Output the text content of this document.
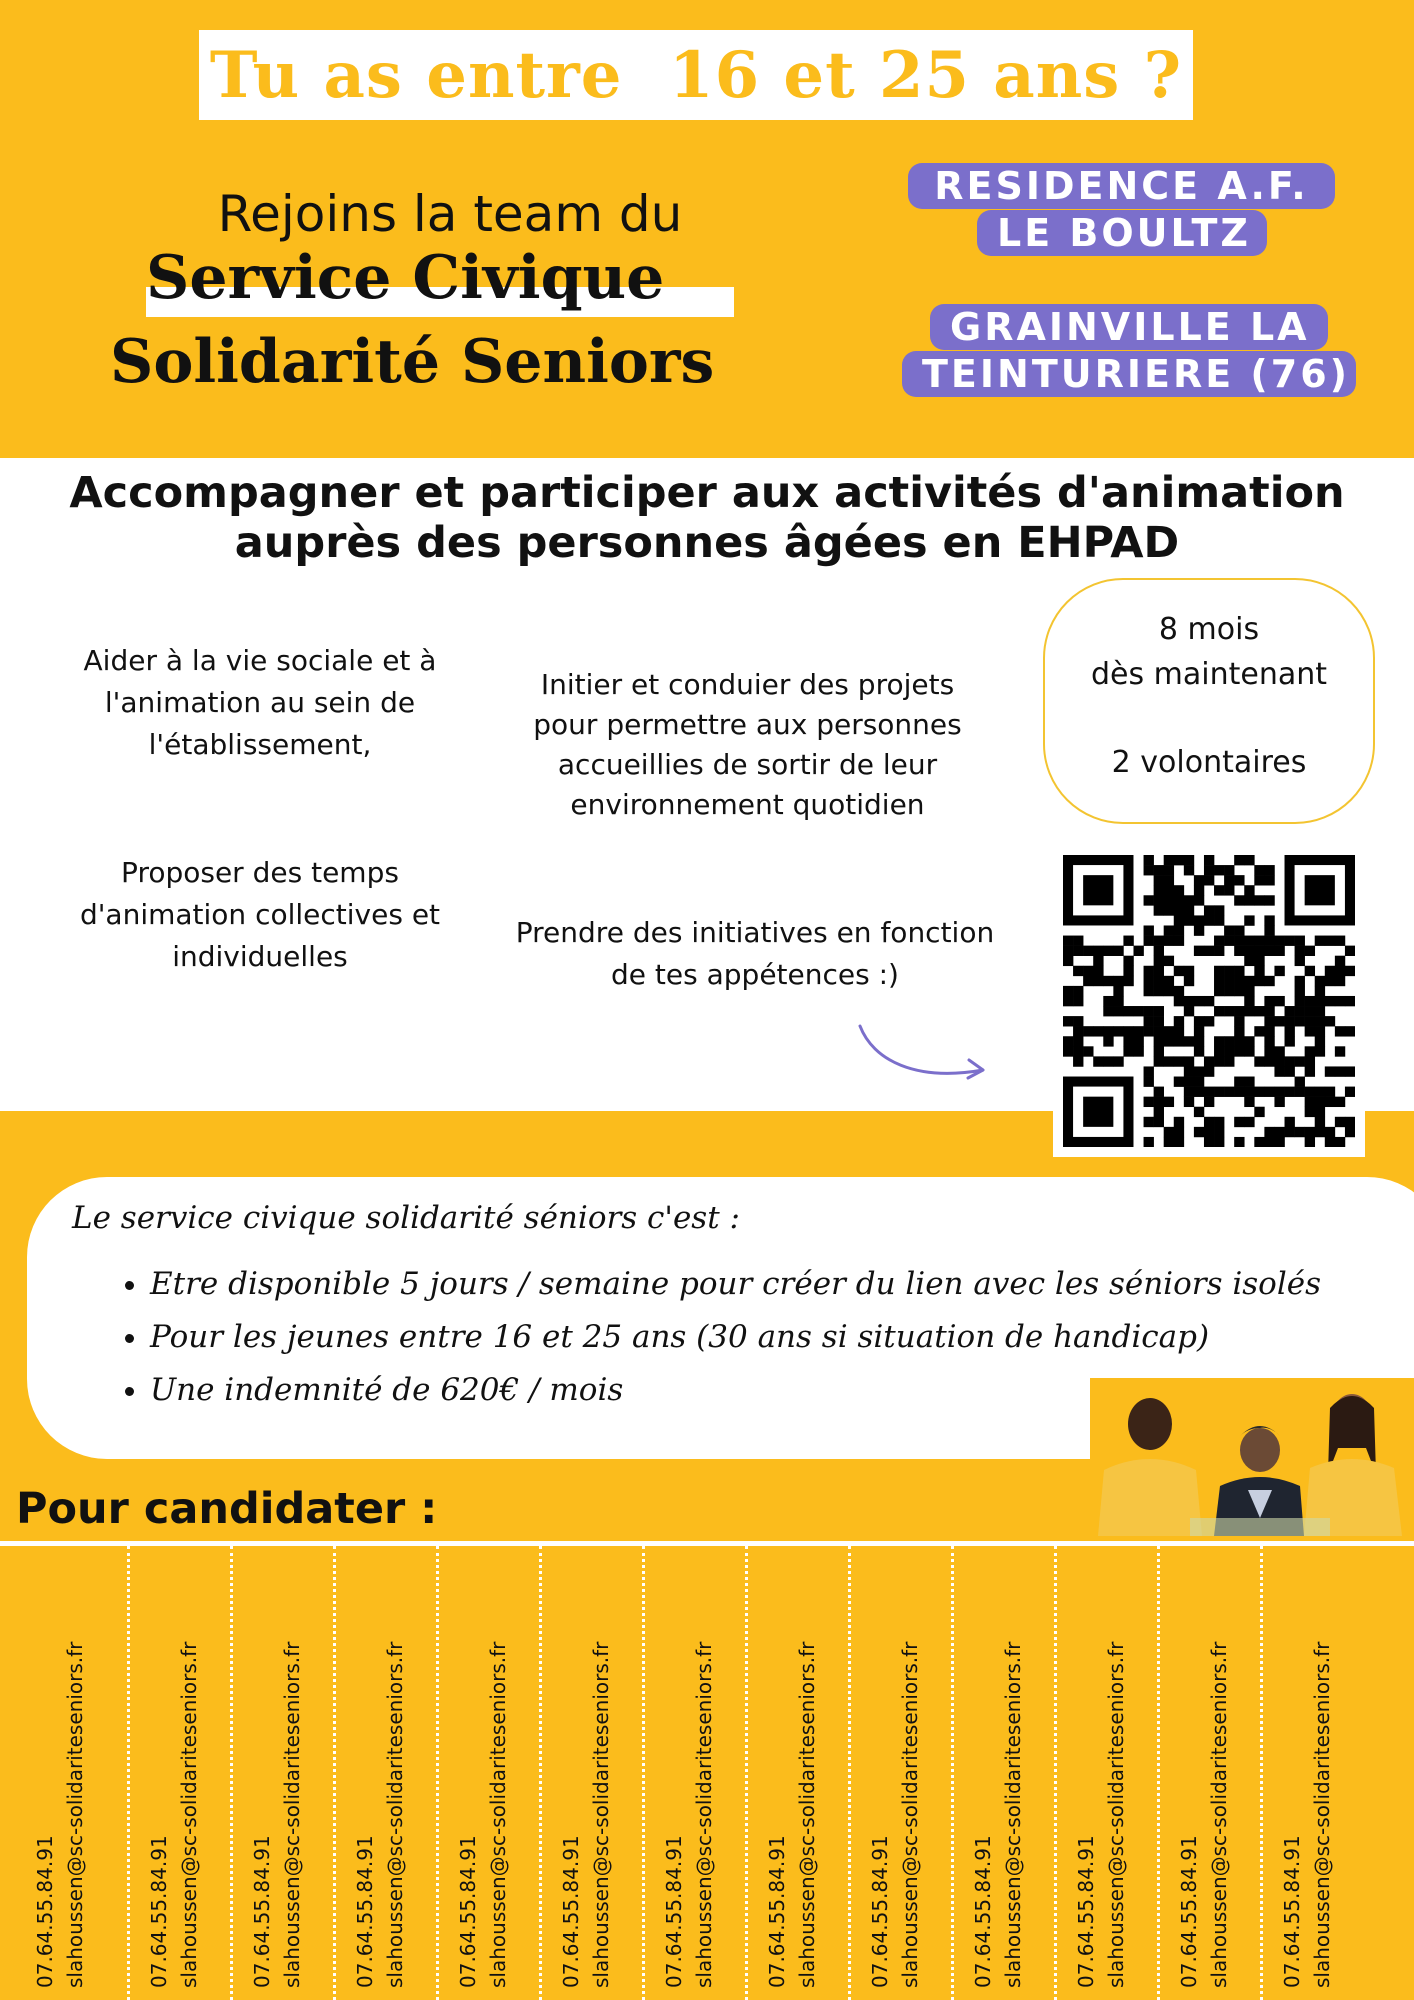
Tu as entre  16 et 25 ans ?
Rejoins la team du
Service Civique
Solidarité Seniors
RESIDENCE A.F.
LE BOULTZ
GRAINVILLE LA
TEINTURIERE (76)
Accompagner et participer aux activités d'animation
auprès des personnes âgées en EHPAD
Aider à la vie sociale et à l'animation au sein de l'établissement,
Initier et conduier des projets pour permettre aux personnes accueillies de sortir de leur environnement quotidien
Proposer des temps d'animation collectives et individuelles
Prendre des initiatives en fonction de tes appétences :)
8 mois
dès maintenant
2 volontaires
Le service civique solidarité séniors c'est :
• Etre disponible 5 jours / semaine pour créer du lien avec les séniors isolés
• Pour les jeunes entre 16 et 25 ans (30 ans si situation de handicap)
• Une indemnité de 620€ / mois
Pour candidater :
07.64.55.84.91 slahoussen@sc-solidariteseniors.fr	07.64.55.84.91 slahoussen@sc-solidariteseniors.fr 07.64.55.84.91 slahoussen@sc-solidariteseniors.fr 07.64.55.84.91 slahoussen@sc-solidariteseniors.fr 07.64.55.84.91 slahoussen@sc-solidariteseniors.fr 07.64.55.84.91 slahoussen@sc-solidariteseniors.fr 07.64.55.84.91 slahoussen@sc-solidariteseniors.fr 07.64.55.84.91 slahoussen@sc-solidariteseniors.fr 07.64.55.84.91 slahoussen@sc-solidariteseniors.fr 07.64.55.84.91 slahoussen@sc-solidariteseniors.fr 07.64.55.84.91 slahoussen@sc-solidariteseniors.fr 07.64.55.84.91 slahoussen@sc-solidariteseniors.fr 07.64.55.84.91 slahoussen@sc-solidariteseniors.fr
